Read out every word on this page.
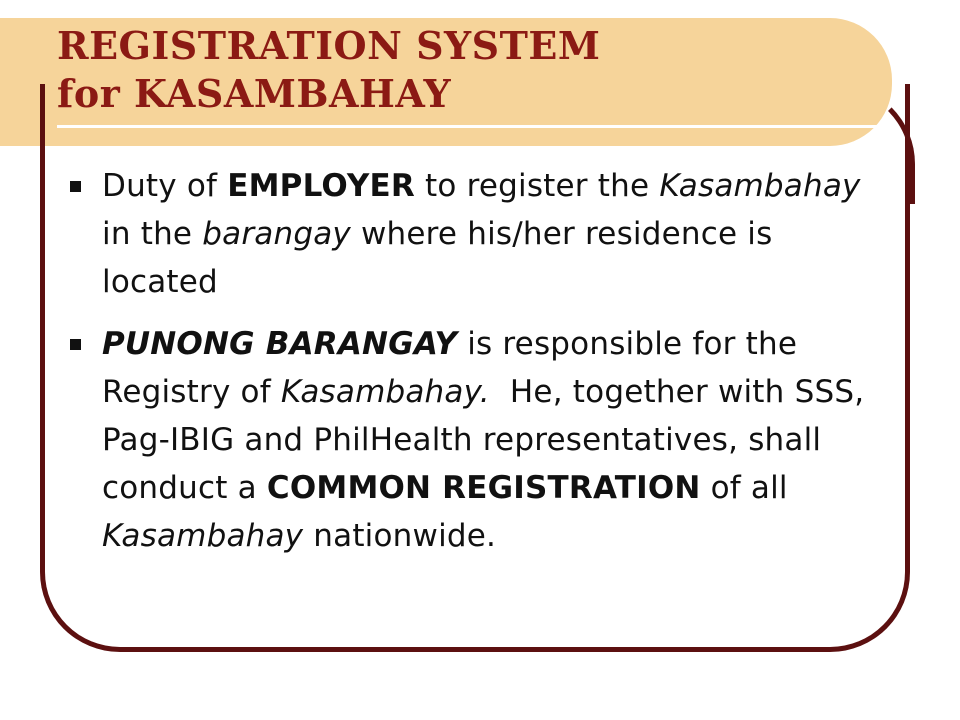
REGISTRATION SYSTEM
for KASAMBAHAY
Duty of EMPLOYER to register the Kasambahay in the barangay where his/her residence is located
PUNONG BARANGAY is responsible for the Registry of Kasambahay.  He, together with SSS, Pag-IBIG and PhilHealth representatives, shall conduct a COMMON REGISTRATION of all Kasambahay nationwide.
